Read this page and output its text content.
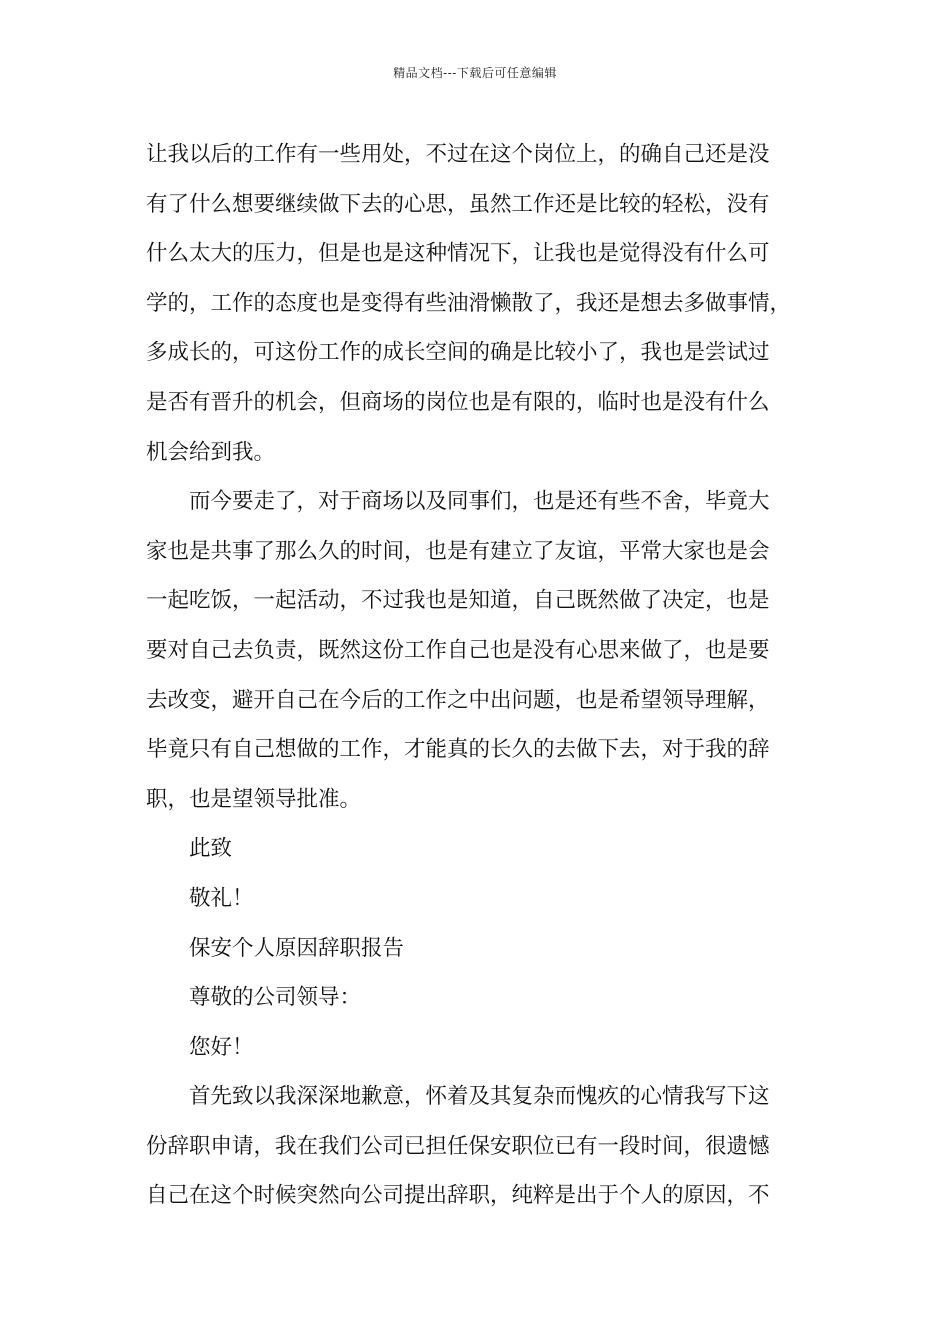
精品文档---下载后可任意编辑
让我以后的工作有一些用处，不过在这个岗位上，的确自己还是没
有了什么想要继续做下去的心思，虽然工作还是比较的轻松，没有
什么太大的压力，但是也是这种情况下，让我也是觉得没有什么可
学的，工作的态度也是变得有些油滑懒散了，我还是想去多做事情，
多成长的，可这份工作的成长空间的确是比较小了，我也是尝试过
是否有晋升的机会，但商场的岗位也是有限的，临时也是没有什么
机会给到我。
而今要走了，对于商场以及同事们，也是还有些不舍，毕竟大
家也是共事了那么久的时间，也是有建立了友谊，平常大家也是会
一起吃饭，一起活动，不过我也是知道，自己既然做了决定，也是
要对自己去负责，既然这份工作自己也是没有心思来做了，也是要
去改变，避开自己在今后的工作之中出问题，也是希望领导理解，
毕竟只有自己想做的工作，才能真的长久的去做下去，对于我的辞
职，也是望领导批准。
此致
敬礼！
保安个人原因辞职报告
尊敬的公司领导：
您好！
首先致以我深深地歉意，怀着及其复杂而愧疚的心情我写下这
份辞职申请，我在我们公司已担任保安职位已有一段时间，很遗憾
自己在这个时候突然向公司提出辞职，纯粹是出于个人的原因，不
